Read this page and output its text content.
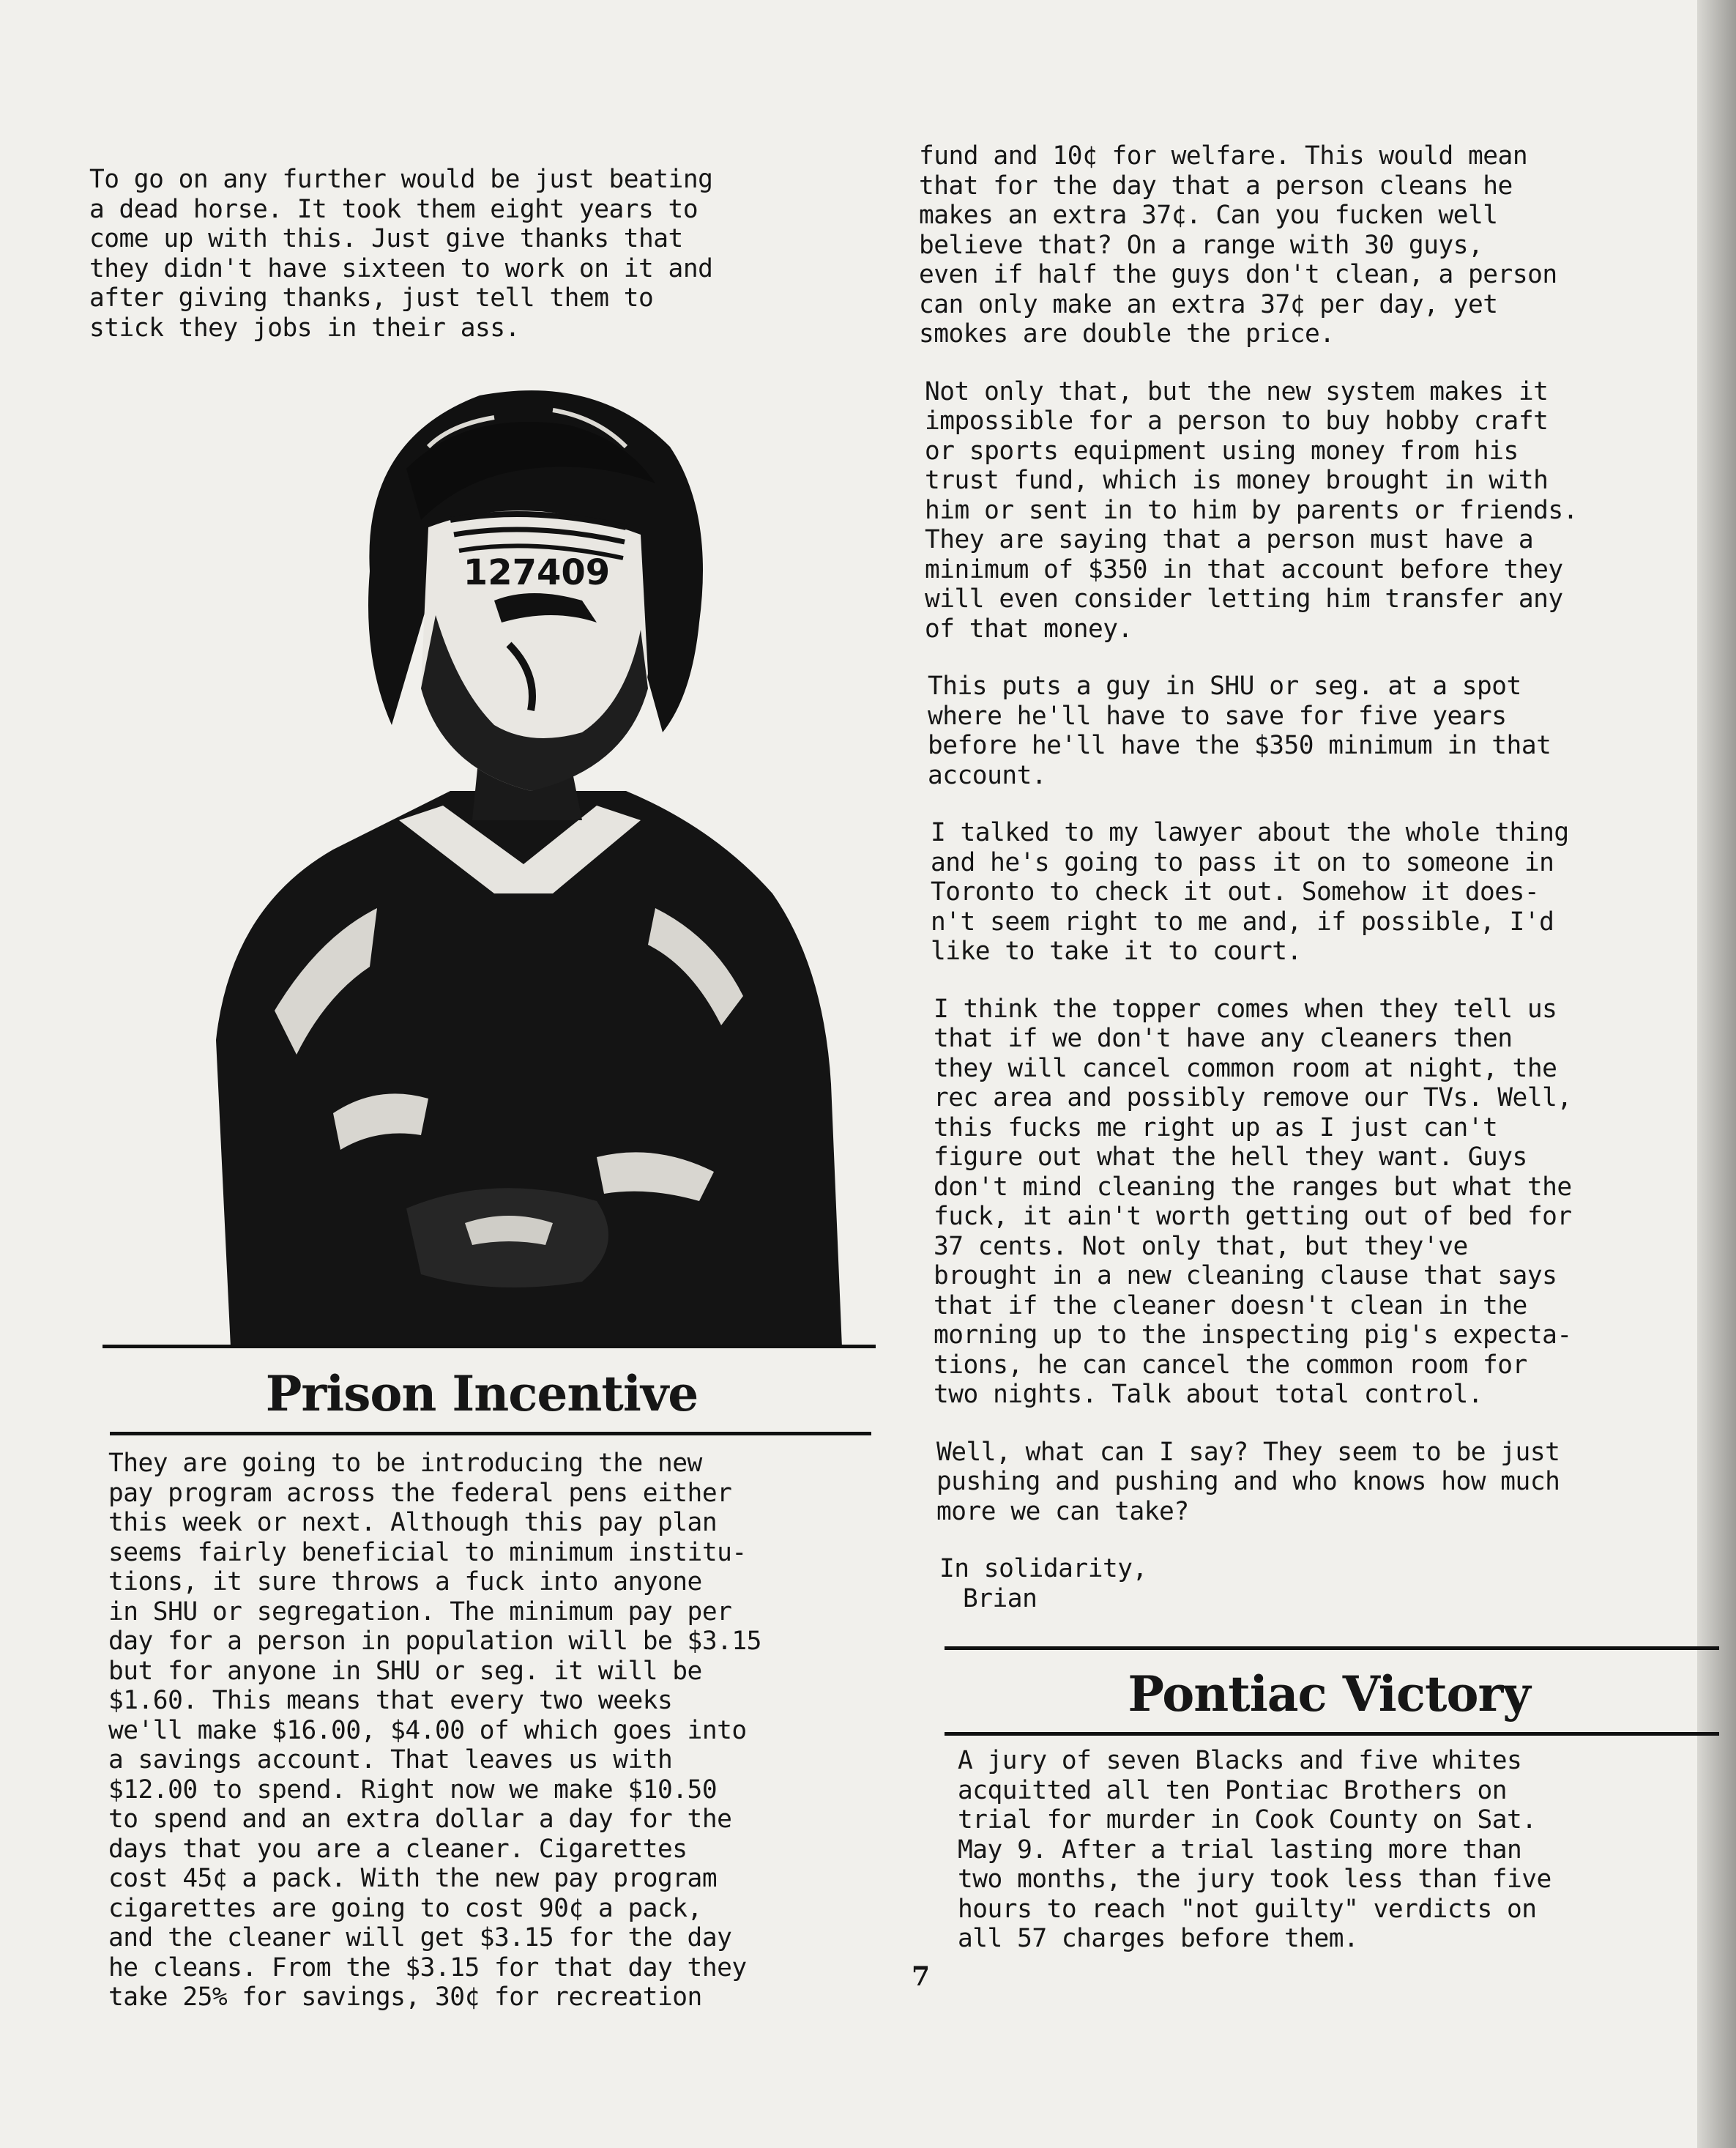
To go on any further would be just beating
a dead horse. It took them eight years to
come up with this. Just give thanks that
they didn't have sixteen to work on it and
after giving thanks, just tell them to
stick they jobs in their ass.

127409
Prison Incentive

They are going to be introducing the new
pay program across the federal pens either
this week or next. Although this pay plan
seems fairly beneficial to minimum institu-
tions, it sure throws a fuck into anyone
in SHU or segregation. The minimum pay per
day for a person in population will be $3.15
but for anyone in SHU or seg. it will be
$1.60. This means that every two weeks
we'll make $16.00, $4.00 of which goes into
a savings account. That leaves us with
$12.00 to spend. Right now we make $10.50
to spend and an extra dollar a day for the
days that you are a cleaner. Cigarettes
cost 45¢ a pack. With the new pay program
cigarettes are going to cost 90¢ a pack,
and the cleaner will get $3.15 for the day
he cleans. From the $3.15 for that day they
take 25% for savings, 30¢ for recreation

fund and 10¢ for welfare. This would mean
that for the day that a person cleans he
makes an extra 37¢. Can you fucken well
believe that? On a range with 30 guys,
even if half the guys don't clean, a person
can only make an extra 37¢ per day, yet
smokes are double the price.

Not only that, but the new system makes it
impossible for a person to buy hobby craft
or sports equipment using money from his
trust fund, which is money brought in with
him or sent in to him by parents or friends.
They are saying that a person must have a
minimum of $350 in that account before they
will even consider letting him transfer any
of that money.

This puts a guy in SHU or seg. at a spot
where he'll have to save for five years
before he'll have the $350 minimum in that
account.

I talked to my lawyer about the whole thing
and he's going to pass it on to someone in
Toronto to check it out. Somehow it does-
n't seem right to me and, if possible, I'd
like to take it to court.

I think the topper comes when they tell us
that if we don't have any cleaners then
they will cancel common room at night, the
rec area and possibly remove our TVs. Well,
this fucks me right up as I just can't
figure out what the hell they want. Guys
don't mind cleaning the ranges but what the
fuck, it ain't worth getting out of bed for
37 cents. Not only that, but they've
brought in a new cleaning clause that says
that if the cleaner doesn't clean in the
morning up to the inspecting pig's expecta-
tions, he can cancel the common room for
two nights. Talk about total control.

Well, what can I say? They seem to be just
pushing and pushing and who knows how much
more we can take?

In solidarity,

Brian

Pontiac Victory

A jury of seven Blacks and five whites
acquitted all ten Pontiac Brothers on
trial for murder in Cook County on Sat.
May 9. After a trial lasting more than
two months, the jury took less than five
hours to reach "not guilty" verdicts on
all 57 charges before them.

7
